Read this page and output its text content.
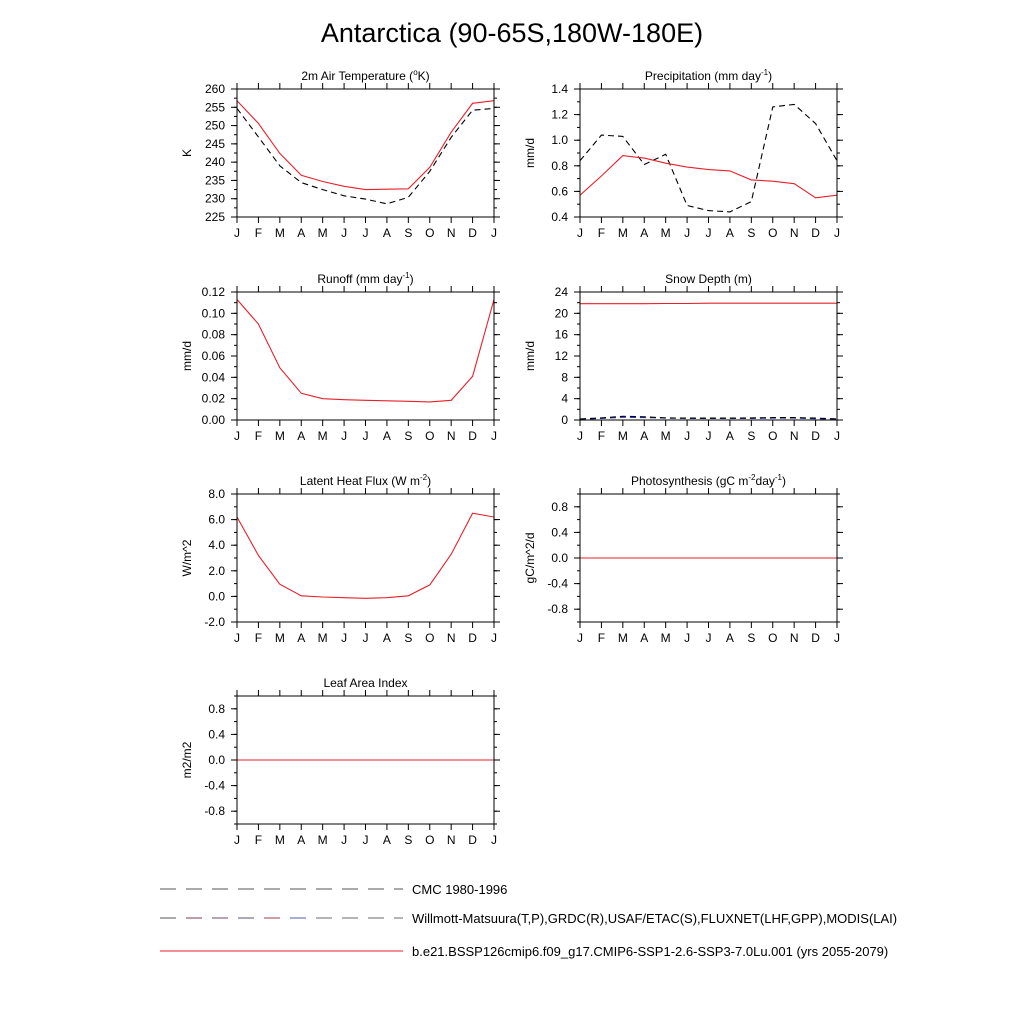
Antarctica (90-65S,180W-180E)
2m Air Temperature ($^o$K)
J F M A M J J A S O N D J
225
230
235
240
245
250
255
260
K
Precipitation (mm day$^{-1}$)
J F M A M J J A S O N D J
0.4
0.6
0.8
1.0
1.2
1.4
mm/d
Runoff (mm day$^{-1}$)
J F M A M J J A S O N D J
0.00
0.02
0.04
0.06
0.08
0.10
0.12
mm/d
Snow Depth (m)
J F M A M J J A S O N D J
0
4
8
12
16
20
24
mm/d
Latent Heat Flux (W $m^{-2}$)
J F M A M J J A S O N D J
-2.0
0.0
2.0
4.0
6.0
8.0
W/m^2
Photosynthesis (gC $m^{-2}day^{-1}$)
J F M A M J J A S O N D J
-0.8
-0.4
0.0
0.4
0.8
gC/m^2/d
Leaf Area Index
J F M A M J J A S O N D J
-0.8
-0.4
0.0
0.4
0.8
m2/m2
CMC 1980-1996
Willmott-Matsuura(T,P),GRDC(R),USAF/ETAC(S),FLUXNET(LHF,GPP),MODIS(LAI)
b.e21.BSSP126cmip6.f09_g17.CMIP6-SSP1-2.6-SSP3-7.0Lu.001 (yrs 2055-2079)
